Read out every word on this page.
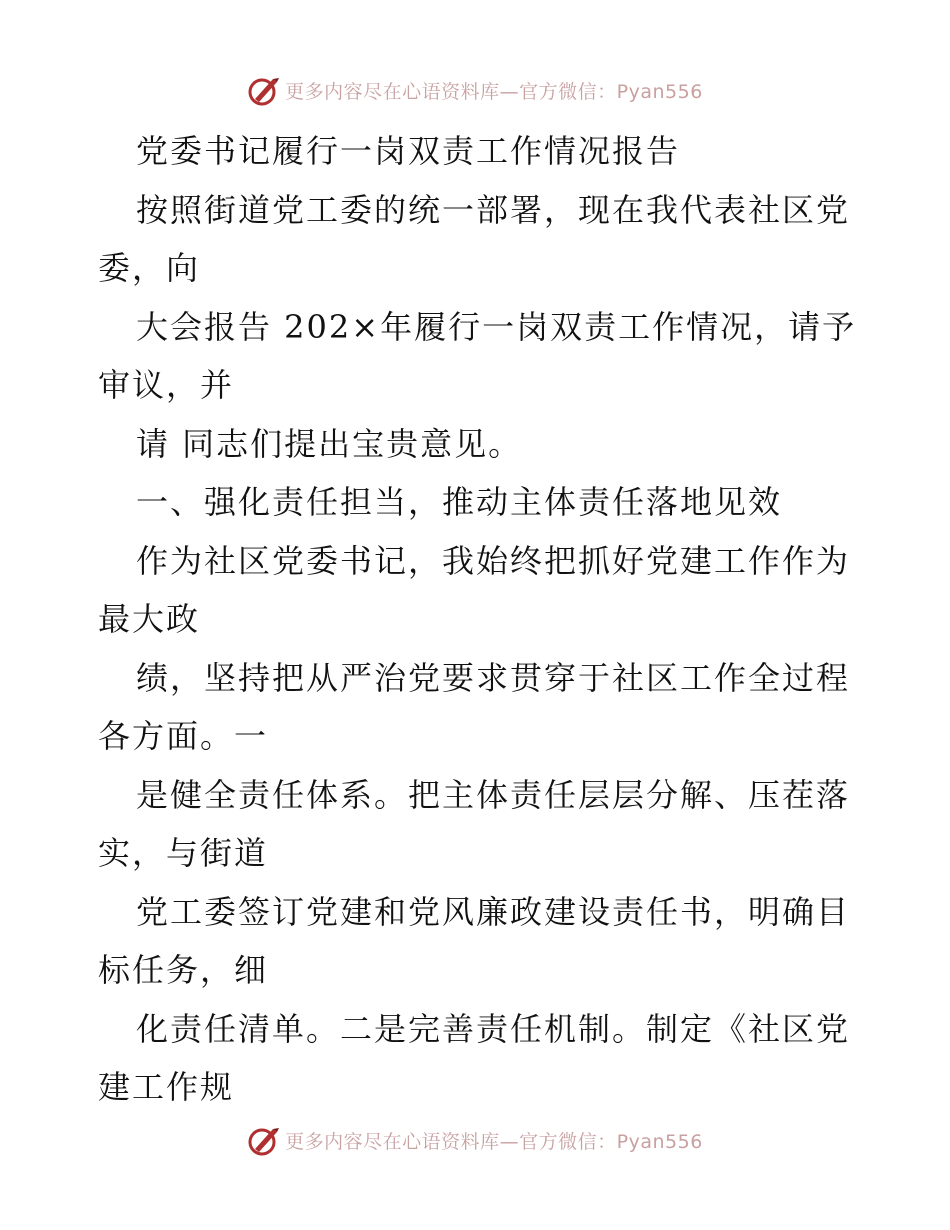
更多内容尽在心语资料库—官方微信：Pyan556
党委书记履行一岗双责工作情况报告
按照街道党工委的统一部署，现在我代表社区党
委，向
大会报告 202×年履行一岗双责工作情况，请予
审议，并
请 同志们提出宝贵意见。
一、强化责任担当，推动主体责任落地见效
作为社区党委书记，我始终把抓好党建工作作为
最大政
绩，坚持把从严治党要求贯穿于社区工作全过程
各方面。一
是健全责任体系。把主体责任层层分解、压茬落
实，与街道
党工委签订党建和党风廉政建设责任书，明确目
标任务，细
化责任清单。二是完善责任机制。制定《社区党
建工作规
更多内容尽在心语资料库—官方微信：Pyan556
